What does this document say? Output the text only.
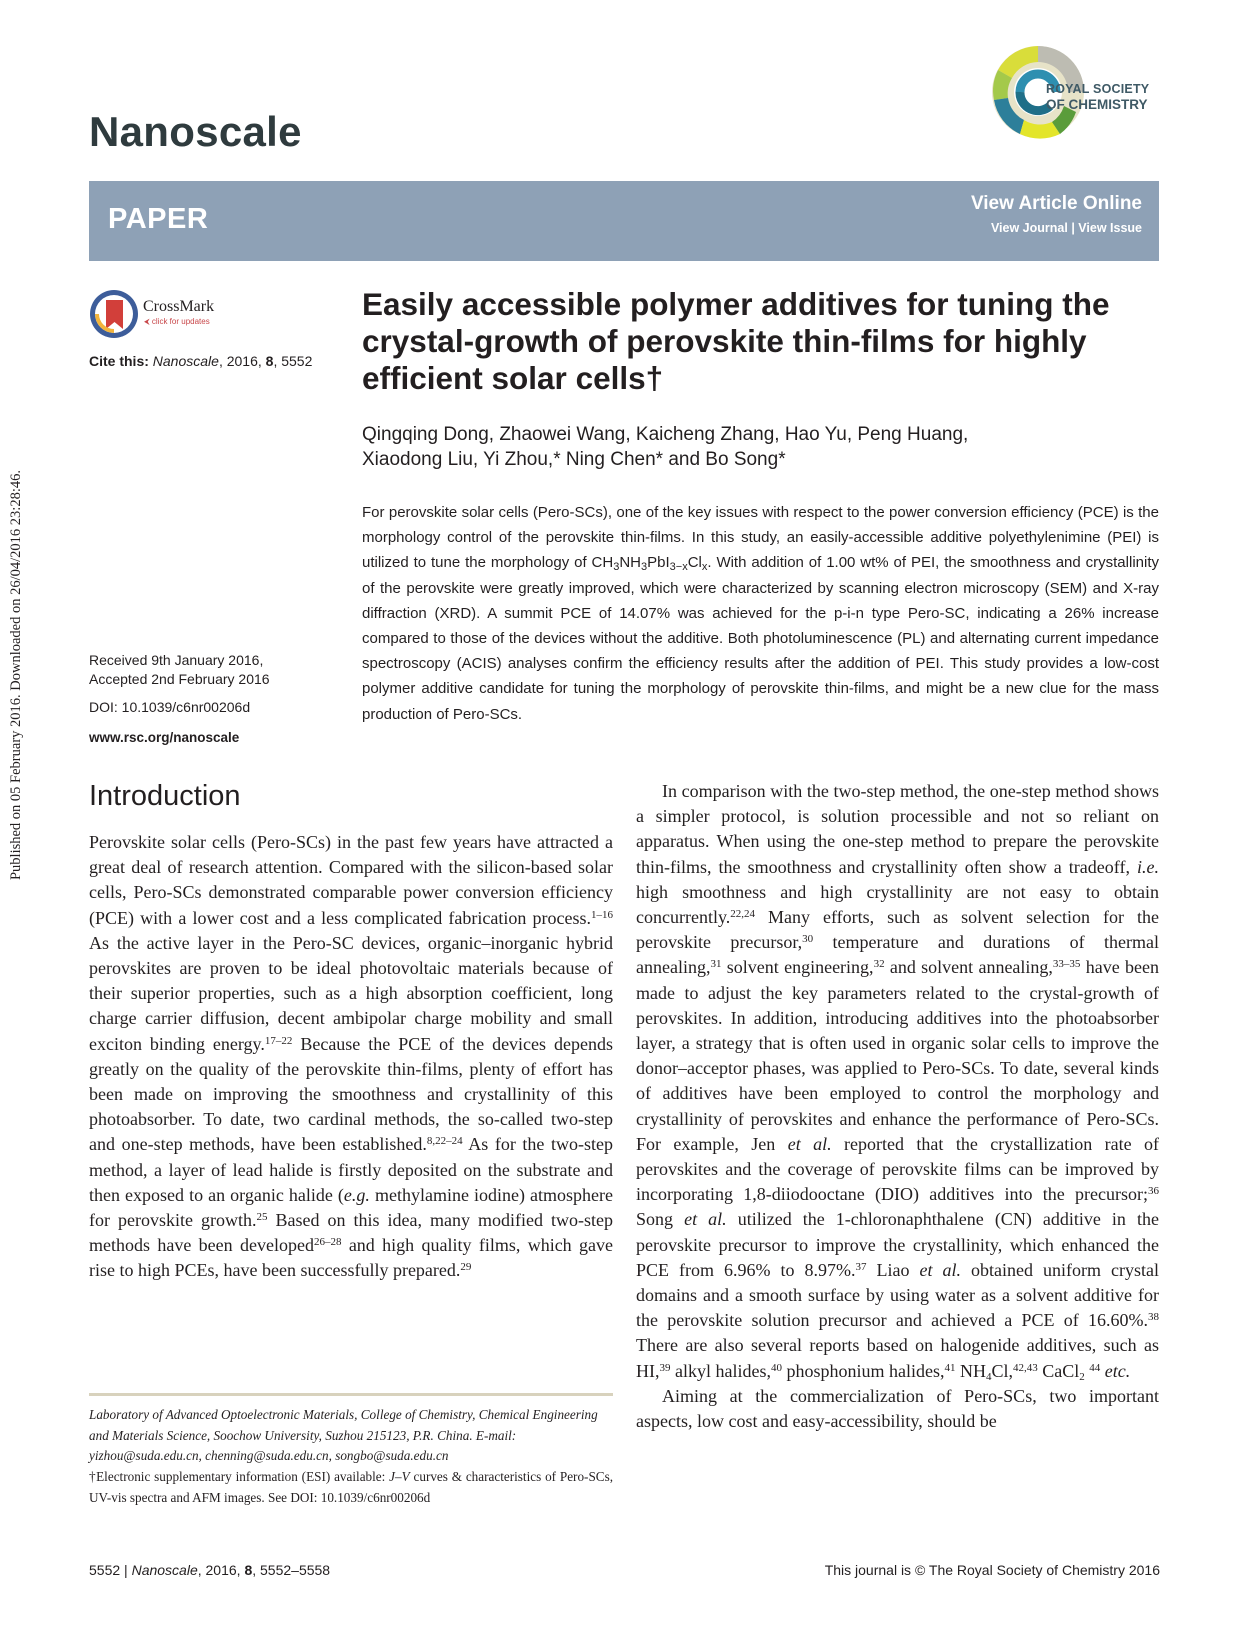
Published on 05 February 2016. Downloaded on 26/04/2016 23:28:46.
Nanoscale
ROYAL SOCIETY
OF CHEMISTRY
PAPER	View Article Online
View Journal | View Issue
CrossMark
⮜ click for updates
Cite this: Nanoscale, 2016, 8, 5552
Easily accessible polymer additives for tuning the crystal-growth of perovskite thin-films for highly efficient solar cells†
Qingqing Dong, Zhaowei Wang, Kaicheng Zhang, Hao Yu, Peng Huang,
Xiaodong Liu, Yi Zhou,* Ning Chen* and Bo Song*
For perovskite solar cells (Pero-SCs), one of the key issues with respect to the power conversion efficiency (PCE) is the morphology control of the perovskite thin-films. In this study, an easily-accessible additive polyethylenimine (PEI) is utilized to tune the morphology of $CH_3NH_3PbI_{3-x}Cl_x$. With addition of 1.00 wt% of PEI, the smoothness and crystallinity of the perovskite were greatly improved, which were characterized by scanning electron microscopy (SEM) and X-ray diffraction (XRD). A summit PCE of 14.07% was achieved for the p-i-n type Pero-SC, indicating a 26% increase compared to those of the devices without the additive. Both photoluminescence (PL) and alternating current impedance spectroscopy (ACIS) analyses confirm the efficiency results after the addition of PEI. This study provides a low-cost polymer additive candidate for tuning the morphology of perovskite thin-films, and might be a new clue for the mass production of Pero-SCs.
Received 9th January 2016,
Accepted 2nd February 2016
DOI: 10.1039/c6nr00206d
www.rsc.org/nanoscale
Introduction

Perovskite solar cells (Pero-SCs) in the past few years have attracted a great deal of research attention. Compared with the silicon-based solar cells, Pero-SCs demonstrated comparable power conversion efficiency (PCE) with a lower cost and a less complicated fabrication process.$^{1-16}$ As the active layer in the Pero-SC devices, organic–inorganic hybrid perovskites are proven to be ideal photovoltaic materials because of their superior properties, such as a high absorption coefficient, long charge carrier diffusion, decent ambipolar charge mobility and small exciton binding energy.$^{17-22}$ Because the PCE of the devices depends greatly on the quality of the perovskite thin-films, plenty of effort has been made on improving the smoothness and crystallinity of this photoabsorber. To date, two cardinal methods, the so-called two-step and one-step methods, have been established.$^{8,22-24}$ As for the two-step method, a layer of lead halide is firstly deposited on the substrate and then exposed to an organic halide (e.g. methylamine iodine) atmosphere for perovskite growth.$^{25}$ Based on this idea, many modified two-step methods have been developed$^{26-28}$ and high quality films, which gave rise to high PCEs, have been successfully prepared.$^{29}$

In comparison with the two-step method, the one-step method shows a simpler protocol, is solution processible and not so reliant on apparatus. When using the one-step method to prepare the perovskite thin-films, the smoothness and crystallinity often show a tradeoff, i.e. high smoothness and high crystallinity are not easy to obtain concurrently.$^{22,24}$ Many efforts, such as solvent selection for the perovskite precursor,$^{30}$ temperature and durations of thermal annealing,$^{31}$ solvent engineering,$^{32}$ and solvent annealing,$^{33-35}$ have been made to adjust the key parameters related to the crystal-growth of perovskites. In addition, introducing additives into the photoabsorber layer, a strategy that is often used in organic solar cells to improve the donor–acceptor phases, was applied to Pero-SCs. To date, several kinds of additives have been employed to control the morphology and crystallinity of perovskites and enhance the performance of Pero-SCs. For example, Jen et al. reported that the crystallization rate of perovskites and the coverage of perovskite films can be improved by incorporating 1,8-diiodooctane (DIO) additives into the precursor;$^{36}$ Song et al. utilized the 1-chloronaphthalene (CN) additive in the perovskite precursor to improve the crystallinity, which enhanced the PCE from 6.96% to 8.97%.$^{37}$ Liao et al. obtained uniform crystal domains and a smooth surface by using water as a solvent additive for the perovskite solution precursor and achieved a PCE of 16.60%.$^{38}$ There are also several reports based on halogenide additives, such as HI,$^{39}$ alkyl halides,$^{40}$ phosphonium halides,$^{41}$ $NH_4Cl,^{42,43}$ CaCl$_2$ $^{44}$ etc.

Aiming at the commercialization of Pero-SCs, two important aspects, low cost and easy-accessibility, should be

Laboratory of Advanced Optoelectronic Materials, College of Chemistry, Chemical Engineering and Materials Science, Soochow University, Suzhou 215123, P.R. China. E-mail: yizhou@suda.edu.cn, chenning@suda.edu.cn, songbo@suda.edu.cn
†Electronic supplementary information (ESI) available: J–V curves & characteristics of Pero-SCs, UV-vis spectra and AFM images. See DOI: 10.1039/c6nr00206d
5552 | Nanoscale, 2016, 8, 5552–5558	This journal is © The Royal Society of Chemistry 2016
